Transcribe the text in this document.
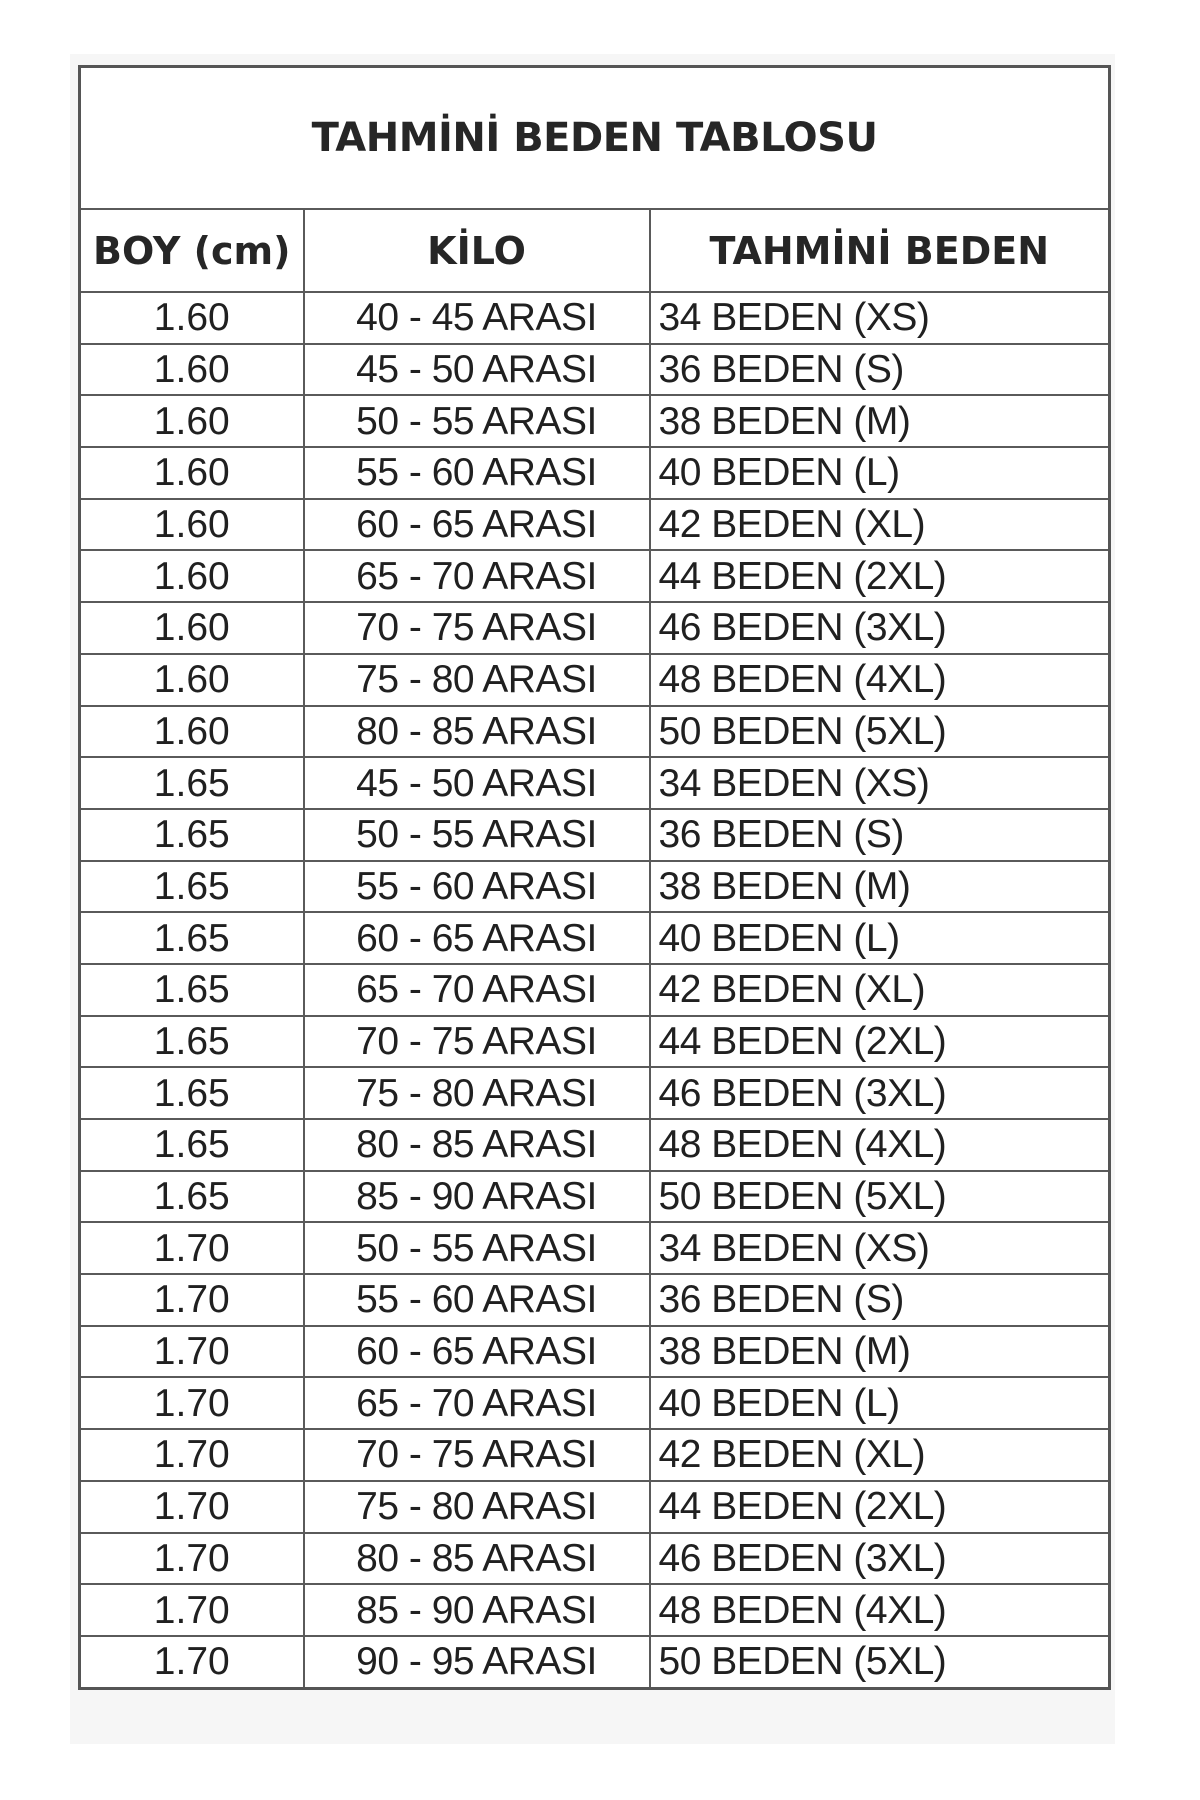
TAHMİNİ BEDEN TABLOSU		
BOY (cm)	KİLO	TAHMİNİ BEDEN
1.60	40 - 45 ARASI	34 BEDEN (XS)
1.60	45 - 50 ARASI	36 BEDEN (S)
1.60	50 - 55 ARASI	38 BEDEN (M)
1.60	55 - 60 ARASI	40 BEDEN (L)
1.60	60 - 65 ARASI	42 BEDEN (XL)
1.60	65 - 70 ARASI	44 BEDEN (2XL)
1.60	70 - 75 ARASI	46 BEDEN (3XL)
1.60	75 - 80 ARASI	48 BEDEN (4XL)
1.60	80 - 85 ARASI	50 BEDEN (5XL)
1.65	45 - 50 ARASI	34 BEDEN (XS)
1.65	50 - 55 ARASI	36 BEDEN (S)
1.65	55 - 60 ARASI	38 BEDEN (M)
1.65	60 - 65 ARASI	40 BEDEN (L)
1.65	65 - 70 ARASI	42 BEDEN (XL)
1.65	70 - 75 ARASI	44 BEDEN (2XL)
1.65	75 - 80 ARASI	46 BEDEN (3XL)
1.65	80 - 85 ARASI	48 BEDEN (4XL)
1.65	85 - 90 ARASI	50 BEDEN (5XL)
1.70	50 - 55 ARASI	34 BEDEN (XS)
1.70	55 - 60 ARASI	36 BEDEN (S)
1.70	60 - 65 ARASI	38 BEDEN (M)
1.70	65 - 70 ARASI	40 BEDEN (L)
1.70	70 - 75 ARASI	42 BEDEN (XL)
1.70	75 - 80 ARASI	44 BEDEN (2XL)
1.70	80 - 85 ARASI	46 BEDEN (3XL)
1.70	85 - 90 ARASI	48 BEDEN (4XL)
1.70	90 - 95 ARASI	50 BEDEN (5XL)
